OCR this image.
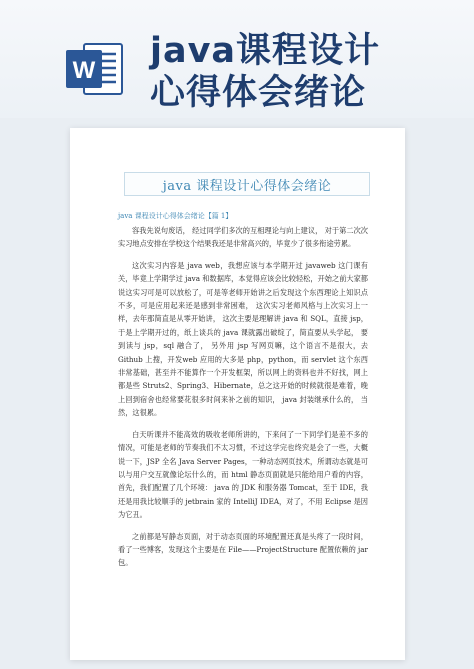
W java课程设计
心得体会绪论
java 课程设计心得体会绪论
java 课程设计心得体会绪论【篇 1】

容我先说句废话， 经过同学们多次的互相理论与向上建议， 对于第二次次实习地点安排在学校这个结果我还是非常高兴的，毕竟少了很多衔途劳累。

这次实习内容是 java web，我想应该与本学期开过 javaweb 这门课有关，毕竟上学期学过 java 和数据库，本觉得应该会比较轻松，开始之前大家都说这实习可是可以放松了，可是等老师开始讲之后发现这个东西理论上知识点不多，可是应用起来还是感到非常困难， 这次实习老师风格与上次实习上一样，去年那简直是从零开始讲， 这次主要是理解讲 java 和 SQL，直接 jsp，于是上学期开过的，纸上谈兵的 java 课就露出破绽了，简直要从头学起， 要到读与 jsp，sql 融合了， 另外用 jsp 写网页嘛，这个语言不是很大，去 Github 上搜，开发web 应用的大多是 php，python，而 servlet 这个东西非常基础，甚至并不能算作一个开发框架，所以网上的资料也并不好找，网上都是些 Struts2、Spring3、Hibernate，总之这开始的时候就很是难着，晚上回到宿舍也经常要花很多时间来补之前的知识， java 封装继承什么的， 当然，这很累。

白天听课并不能高效的吸收老师所讲的，下来问了一下同学们是差不多的情况，可能是老师的节奏我们不太习惯，不过这学完也终究是会了一些，大概说一下，JSP 全名 Java Server Pages，一种动态网页技术，所谓动态就是可以与用户交互就像论坛什么的，而 html 静态页面就是只能给用户看的内容，首先，我们配置了几个环境： java 的 JDK 和服务器 Tomcat，至于 IDE，我还是用我比较顺手的 jetbrain 家的 IntelliJ IDEA，对了，不用 Eclipse 是因为它丑。

之前都是写静态页面，对于动态页面的环境配置还真是头疼了一段时间，看了一些博客，发现这个主要是在 File——ProjectStructure 配置依赖的 jar 包。
